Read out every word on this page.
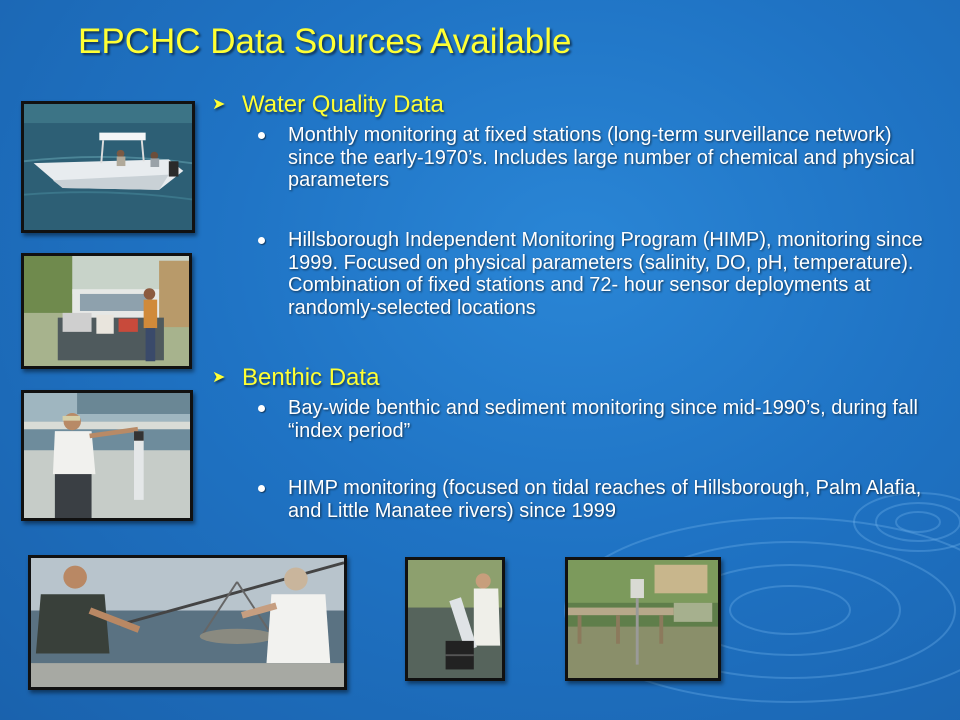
EPCHC Data Sources Available
➤ Water Quality Data
Monthly monitoring at fixed stations (long-term surveillance network) since the early-1970’s. Includes large number of chemical and physical parameters
Hillsborough Independent Monitoring Program (HIMP), monitoring since 1999. Focused on physical parameters (salinity, DO, pH, temperature). Combination of fixed stations and 72- hour sensor deployments at randomly-selected locations
➤ Benthic Data
Bay-wide benthic and sediment monitoring since mid-1990’s, during fall “index period”
HIMP monitoring (focused on tidal reaches of Hillsborough, Palm Alafia, and Little Manatee rivers) since 1999
